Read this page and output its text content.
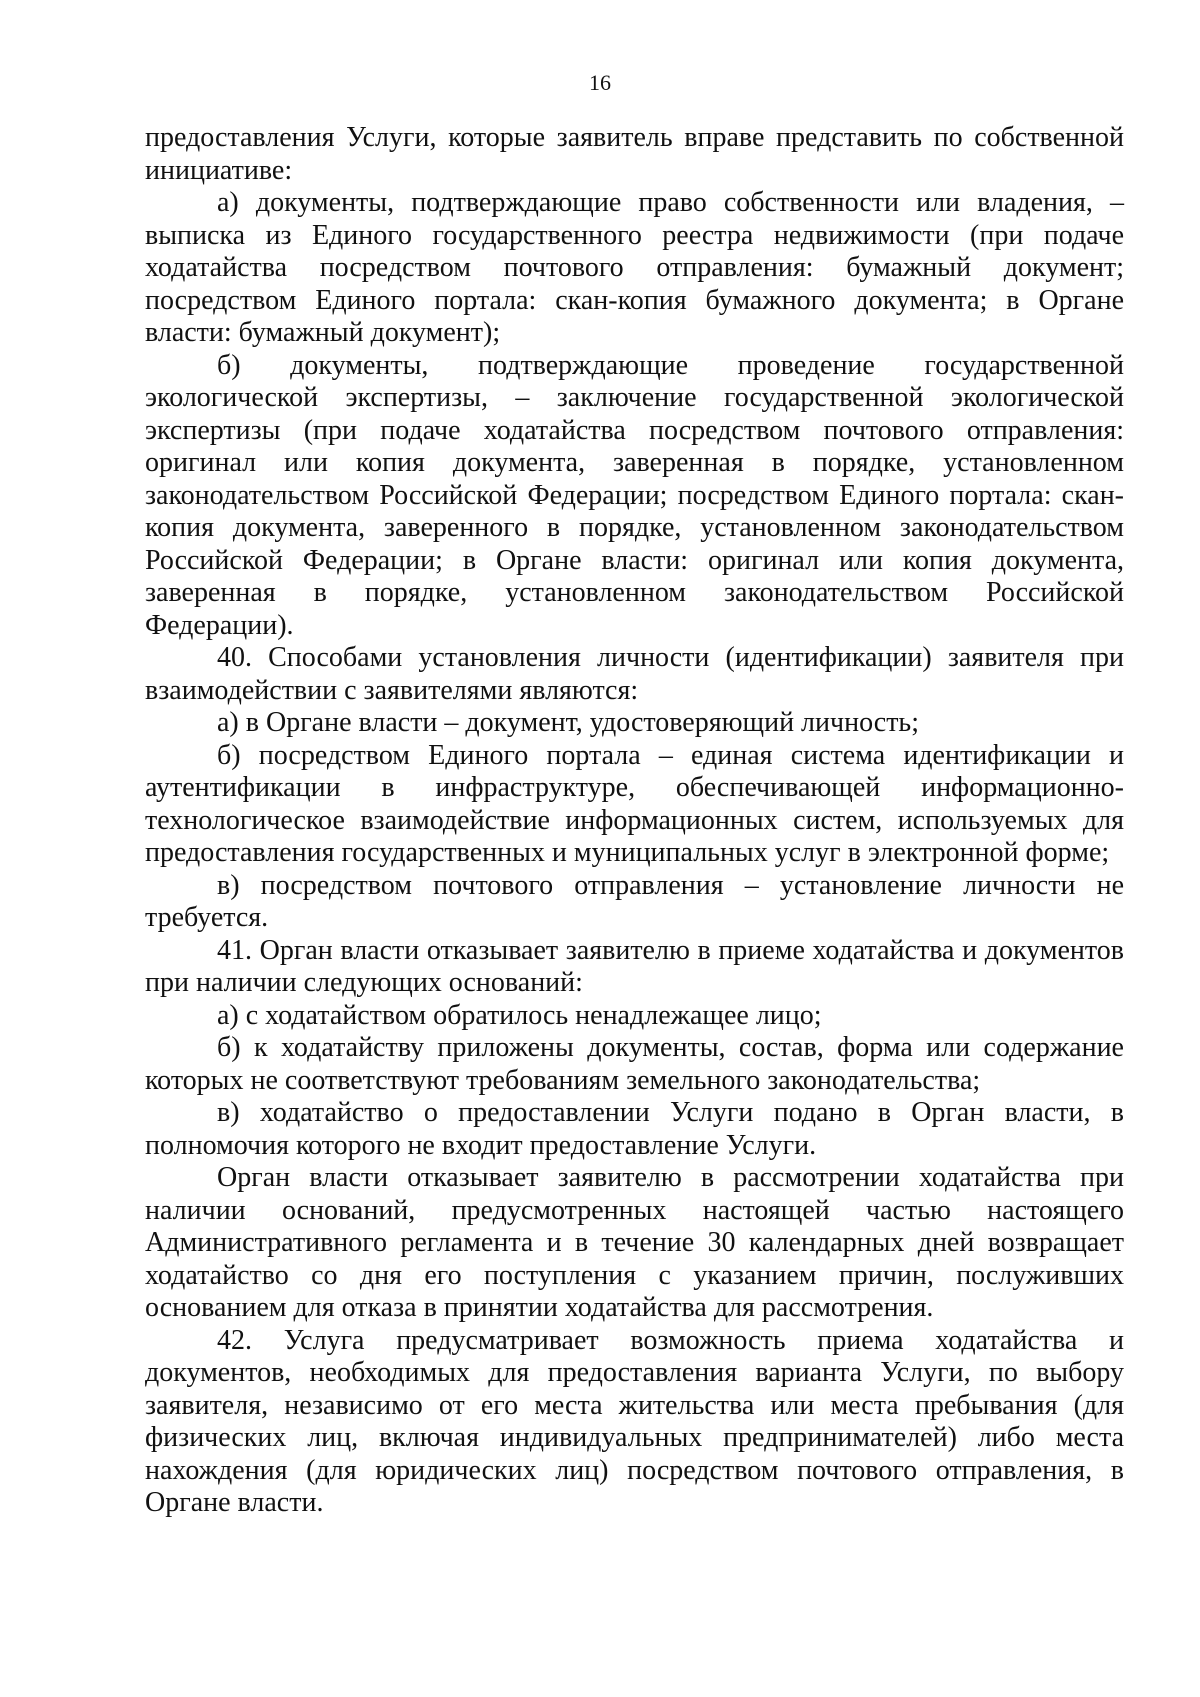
16

предоставления Услуги, которые заявитель вправе представить по собственной инициативе:

а) документы, подтверждающие право собственности или владения, – выписка из Единого государственного реестра недвижимости (при подаче ходатайства посредством почтового отправления: бумажный документ; посредством Единого портала: скан-копия бумажного документа; в Органе власти: бумажный документ);

б) документы, подтверждающие проведение государственной экологической экспертизы, – заключение государственной экологической экспертизы (при подаче ходатайства посредством почтового отправления: оригинал или копия документа, заверенная в порядке, установленном законодательством Российской Федерации; посредством Единого портала: скан-копия документа, заверенного в порядке, установленном законодательством Российской Федерации; в Органе власти: оригинал или копия документа, заверенная в порядке, установленном законодательством Российской Федерации).

40. Способами установления личности (идентификации) заявителя при взаимодействии с заявителями являются:

а) в Органе власти – документ, удостоверяющий личность;

б) посредством Единого портала – единая система идентификации и аутентификации в инфраструктуре, обеспечивающей информационно-технологическое взаимодействие информационных систем, используемых для предоставления государственных и муниципальных услуг в электронной форме;

в) посредством почтового отправления – установление личности не требуется.

41. Орган власти отказывает заявителю в приеме ходатайства и документов при наличии следующих оснований:

а) с ходатайством обратилось ненадлежащее лицо;

б) к ходатайству приложены документы, состав, форма или содержание которых не соответствуют требованиям земельного законодательства;

в) ходатайство о предоставлении Услуги подано в Орган власти, в полномочия которого не входит предоставление Услуги.

Орган власти отказывает заявителю в рассмотрении ходатайства при наличии оснований, предусмотренных настоящей частью настоящего Административного регламента и в течение 30 календарных дней возвращает ходатайство со дня его поступления с указанием причин, послуживших основанием для отказа в принятии ходатайства для рассмотрения.

42. Услуга предусматривает возможность приема ходатайства и документов, необходимых для предоставления варианта Услуги, по выбору заявителя, независимо от его места жительства или места пребывания (для физических лиц, включая индивидуальных предпринимателей) либо места нахождения (для юридических лиц) посредством почтового отправления, в Органе власти.
